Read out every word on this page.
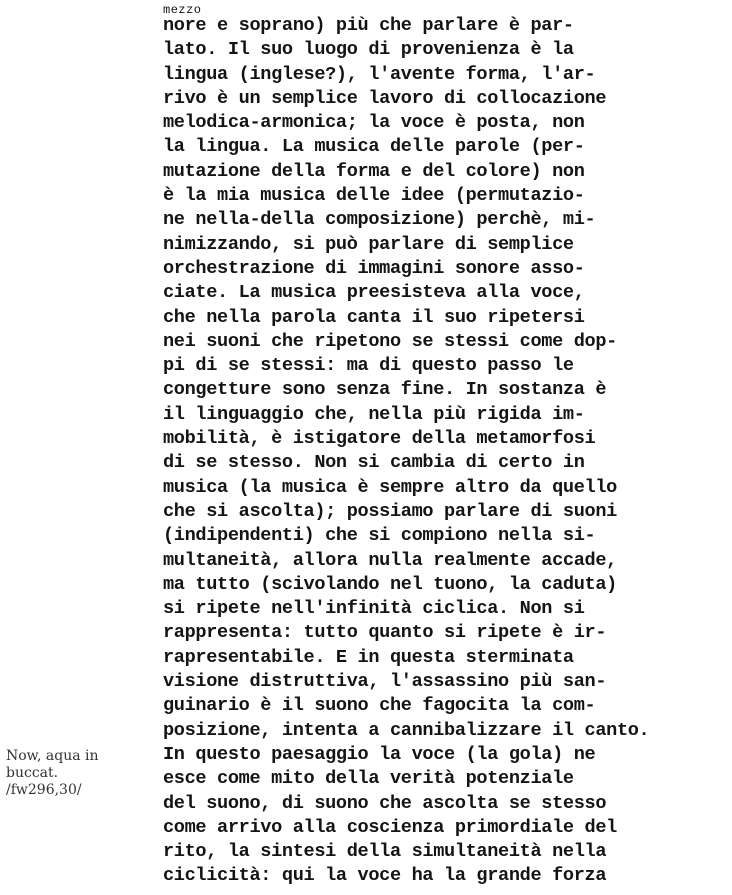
mezzo
nore e soprano) più che parlare è par-
lato. Il suo luogo di provenienza è la
lingua (inglese?), l'avente forma, l'ar-
rivo è un semplice lavoro di collocazione
melodica-armonica; la voce è posta, non
la lingua. La musica delle parole (per-
mutazione della forma e del colore) non
è la mia musica delle idee (permutazio-
ne nella-della composizione) perchè, mi-
nimizzando, si può parlare di semplice
orchestrazione di immagini sonore asso-
ciate. La musica preesisteva alla voce,
che nella parola canta il suo ripetersi
nei suoni che ripetono se stessi come dop-
pi di se stessi: ma di questo passo le
congetture sono senza fine. In sostanza è
il linguaggio che, nella più rigida im-
mobilità, è istigatore della metamorfosi
di se stesso. Non si cambia di certo in
musica (la musica è sempre altro da quello
che si ascolta); possiamo parlare di suoni
(indipendenti) che si compiono nella si-
multaneità, allora nulla realmente accade,
ma tutto (scivolando nel tuono, la caduta)
si ripete nell'infinità ciclica. Non si
rappresenta: tutto quanto si ripete è ir-
rapresentabile. E in questa sterminata
visione distruttiva, l'assassino più san-
guinario è il suono che fagocita la com-
posizione, intenta a cannibalizzare il canto.
In questo paesaggio la voce (la gola) ne
esce come mito della verità potenziale
del suono, di suono che ascolta se stesso
come arrivo alla coscienza primordiale del
rito, la sintesi della simultaneità nella
ciclicità: qui la voce ha la grande forza
Now, aqua in
buccat.
/fw296,30/
